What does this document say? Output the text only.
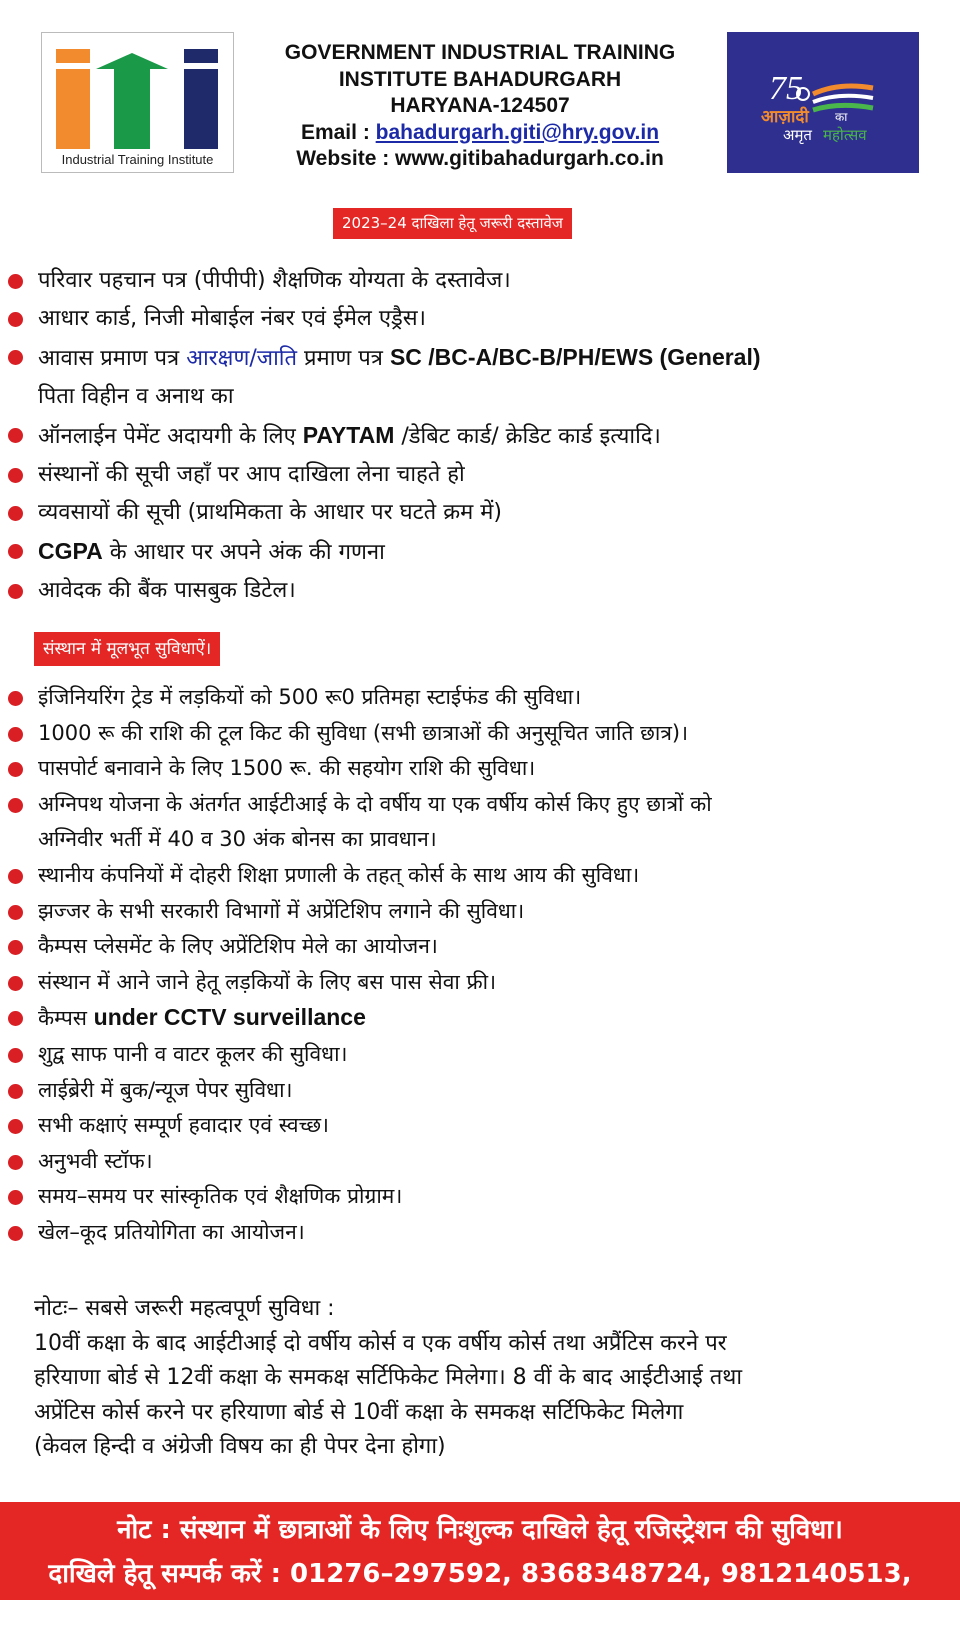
Industrial Training Institute
GOVERNMENT INDUSTRIAL TRAINING
INSTITUTE BAHADURGARH
HARYANA-124507
Email : bahadurgarh.giti@hry.gov.in
Website : www.gitibahadurgarh.co.in
75
आज़ादी का
अमृत महोत्सव
2023–24 दाखिला हेतू जरूरी दस्तावेज
परिवार पहचान पत्र (पीपीपी) शैक्षणिक योग्यता के दस्तावेज।
आधार कार्ड, निजी मोबाईल नंबर एवं ईमेल एड्रैस।
आवास प्रमाण पत्र आरक्षण/जाति प्रमाण पत्र SC /BC-A/BC-B/PH/EWS (General)
पिता विहीन व अनाथ का
ऑनलाईन पेमेंट अदायगी के लिए PAYTAM /डेबिट कार्ड/ क्रेडिट कार्ड इत्यादि।
संस्थानों की सूची जहाँ पर आप दाखिला लेना चाहते हो
व्यवसायों की सूची (प्राथमिकता के आधार पर घटते क्रम में)
CGPA के आधार पर अपने अंक की गणना
आवेदक की बैंक पासबुक डिटेल।
संस्थान में मूलभूत सुविधाऐं।
इंजिनियरिंग ट्रेड में लड़कियों को 500 रू0 प्रतिमहा स्टाईफंड की सुविधा।
1000 रू की राशि की टूल किट की सुविधा (सभी छात्राओं की अनुसूचित जाति छात्र)।
पासपोर्ट बनावाने के लिए 1500 रू. की सहयोग राशि की सुविधा।
अग्निपथ योजना के अंतर्गत आईटीआई के दो वर्षीय या एक वर्षीय कोर्स किए हुए छात्रों को
अग्निवीर भर्ती में 40 व 30 अंक बोनस का प्रावधान।
स्थानीय कंपनियों में दोहरी शिक्षा प्रणाली के तहत् कोर्स के साथ आय की सुविधा।
झज्जर के सभी सरकारी विभागों में अप्रेंटिशिप लगाने की सुविधा।
कैम्पस प्लेसमेंट के लिए अप्रेंटिशिप मेले का आयोजन।
संस्थान में आने जाने हेतू लड़कियों के लिए बस पास सेवा फ्री।
कैम्पस under CCTV surveillance
शुद्व साफ पानी व वाटर कूलर की सुविधा।
लाईब्रेरी में बुक/न्यूज पेपर सुविधा।
सभी कक्षाएं सम्पूर्ण हवादार एवं स्वच्छ।
अनुभवी स्टॉफ।
समय–समय पर सांस्कृतिक एवं शैक्षणिक प्रोग्राम।
खेल–कूद प्रतियोगिता का आयोजन।
नोटः– सबसे जरूरी महत्वपूर्ण सुविधा :
10वीं कक्षा के बाद आईटीआई दो वर्षीय कोर्स व एक वर्षीय कोर्स तथा अप्रैंटिस करने पर
हरियाणा बोर्ड से 12वीं कक्षा के समकक्ष सर्टिफिकेट मिलेगा। 8 वीं के बाद आईटीआई तथा
अप्रेंटिस कोर्स करने पर हरियाणा बोर्ड से 10वीं कक्षा के समकक्ष सर्टिफिकेट मिलेगा
(केवल हिन्दी व अंग्रेजी विषय का ही पेपर देना होगा)
नोट : संस्थान में छात्राओं के लिए निःशुल्क दाखिले हेतू रजिस्ट्रेशन की सुविधा।
दाखिले हेतू सम्पर्क करें : 01276–297592, 8368348724, 9812140513, 9466014614
